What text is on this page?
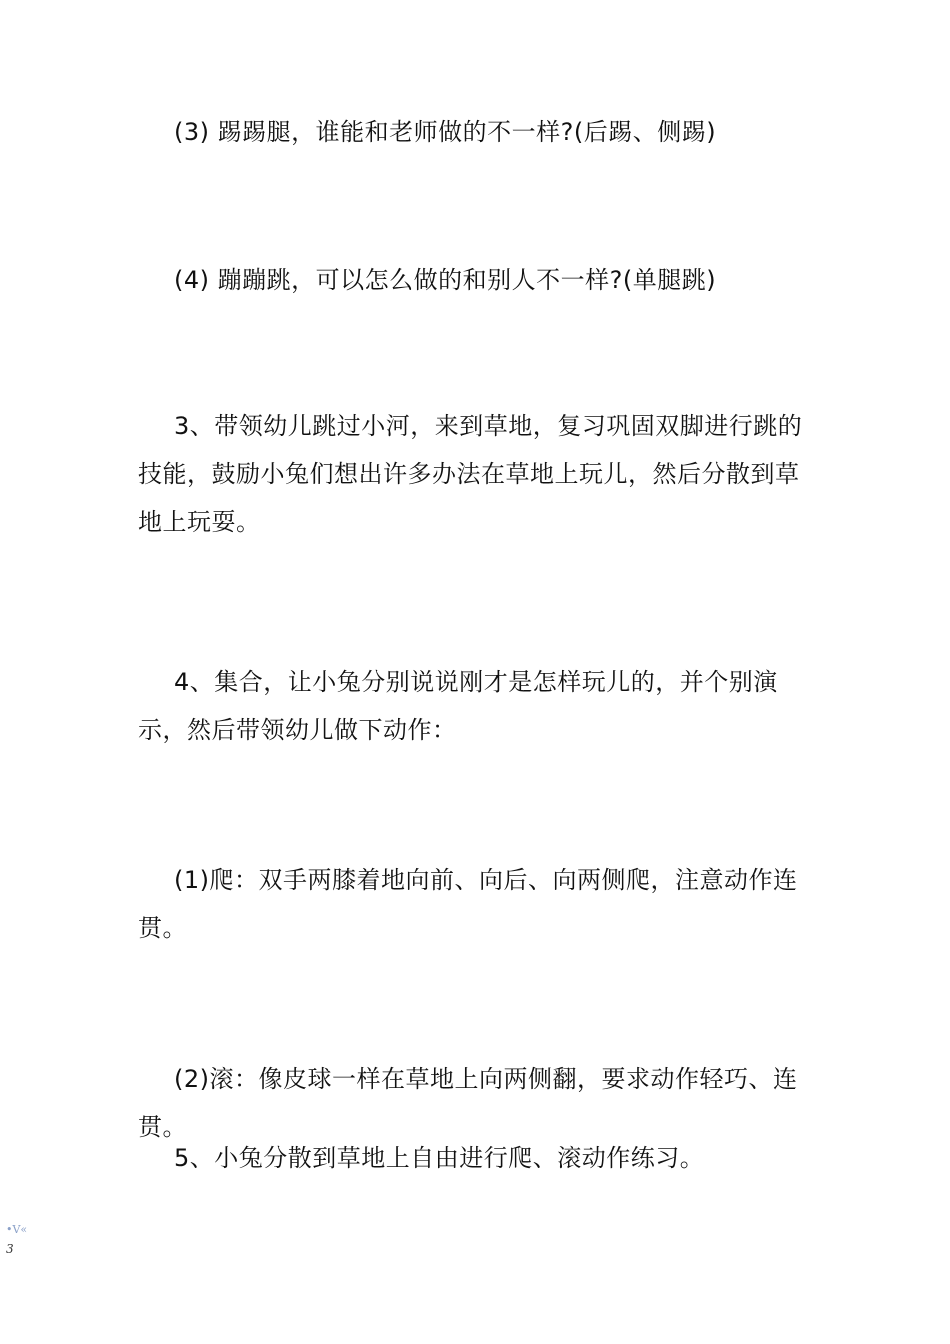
(3) 踢踢腿，谁能和老师做的不一样?(后踢、侧踢)

(4) 蹦蹦跳，可以怎么做的和别人不一样?(单腿跳)

3、带领幼儿跳过小河，来到草地，复习巩固双脚进行跳的技能，鼓励小兔们想出许多办法在草地上玩儿，然后分散到草地上玩耍。

4、集合，让小兔分别说说刚才是怎样玩儿的，并个别演示，然后带领幼儿做下动作：

(1)爬：双手两膝着地向前、向后、向两侧爬，注意动作连贯。

(2)滚：像皮球一样在草地上向两侧翻，要求动作轻巧、连贯。

5、小兔分散到草地上自由进行爬、滚动作练习。

•V«
3
